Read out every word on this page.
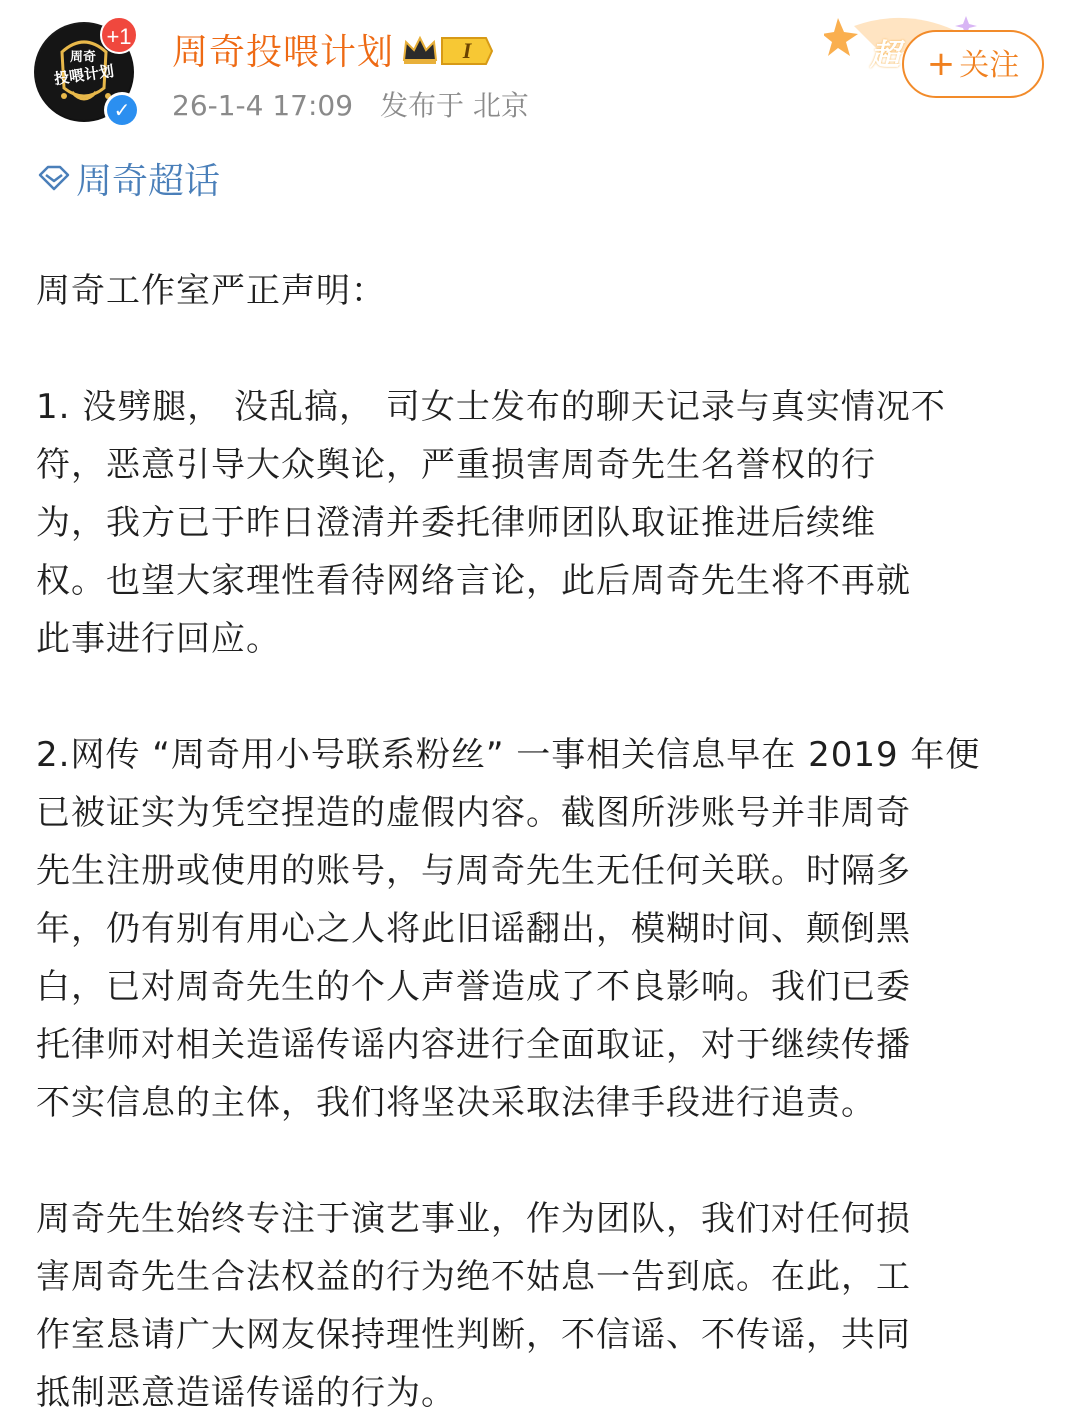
周奇
投喂计划
+1
✓
周奇投喂计划	I
26-1-4 17:09 发布于 北京
超 + 关注
周奇超话

周奇工作室严正声明：

1. 没劈腿， 没乱搞， 司女士发布的聊天记录与真实情况不
符，恶意引导大众舆论，严重损害周奇先生名誉权的行
为，我方已于昨日澄清并委托律师团队取证推进后续维
权。也望大家理性看待网络言论，此后周奇先生将不再就
此事进行回应。

2.网传 “周奇用小号联系粉丝” 一事相关信息早在 2019 年便
已被证实为凭空捏造的虚假内容。截图所涉账号并非周奇
先生注册或使用的账号，与周奇先生无任何关联。时隔多
年，仍有别有用心之人将此旧谣翻出，模糊时间、颠倒黑
白，已对周奇先生的个人声誉造成了不良影响。我们已委
托律师对相关造谣传谣内容进行全面取证，对于继续传播
不实信息的主体，我们将坚决采取法律手段进行追责。

周奇先生始终专注于演艺事业，作为团队，我们对任何损
害周奇先生合法权益的行为绝不姑息一告到底。在此，工
作室恳请广大网友保持理性判断，不信谣、不传谣，共同
抵制恶意造谣传谣的行为。
